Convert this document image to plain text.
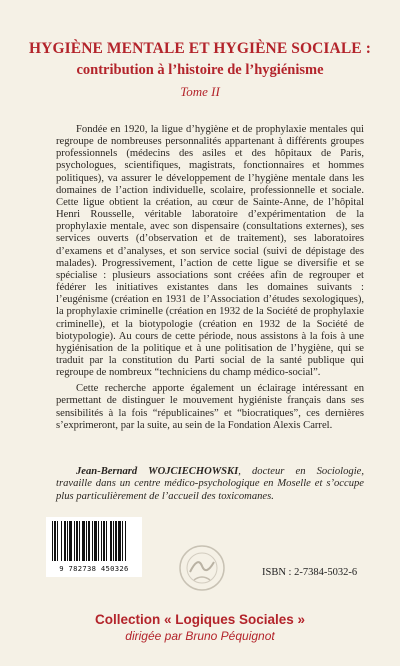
HYGIÈNE MENTALE ET HYGIÈNE SOCIALE :
contribution à l’histoire de l’hygiénisme
Tome II

Fondée en 1920, la ligue d’hygiène et de prophylaxie mentales qui regroupe de nombreuses personnalités appartenant à différents groupes professionnels (médecins des asiles et des hôpitaux de Paris, psychologues, scientifiques, magistrats, fonctionnaires et hommes politiques), va assurer le développement de l’hygiène mentale dans les domaines de l’action individuelle, scolaire, professionnelle et sociale. Cette ligue obtient la création, au cœur de Sainte-Anne, de l’hôpital Henri Rousselle, véritable laboratoire d’expérimentation de la prophylaxie mentale, avec son dispensaire (consultations externes), ses services ouverts (d’observation et de traitement), ses laboratoires d’examens et d’analyses, et son service social (suivi de dépistage des malades). Progressivement, l’action de cette ligue se diversifie et se spécialise : plusieurs associations sont créées afin de regrouper et fédérer les initiatives existantes dans les domaines suivants : l’eugénisme (création en 1931 de l’Association d’études sexologiques), la prophylaxie criminelle (création en 1932 de la Société de prophylaxie criminelle), et la biotypologie (création en 1932 de la Société de biotypologie). Au cours de cette période, nous assistons à la fois à une hygiénisation de la politique et à une politisation de l’hygiène, qui se traduit par la constitution du Parti social de la santé publique qui regroupe de nombreux “techniciens du champ médico-social”.

Cette recherche apporte également un éclairage intéressant en permettant de distinguer le mouvement hygiéniste français dans ses sensibilités à la fois “républicaines” et “biocratiques”, ces dernières s’exprimeront, par la suite, au sein de la Fondation Alexis Carrel.

Jean-Bernard WOJCIECHOWSKI, docteur en Sociologie, travaille dans un centre médico-psychologique en Moselle et s’occupe plus particulièrement de l’accueil des toxicomanes.
9 782738 450326	ISBN : 2-7384-5032-6
Collection « Logiques Sociales »
dirigée par Bruno Péquignot
